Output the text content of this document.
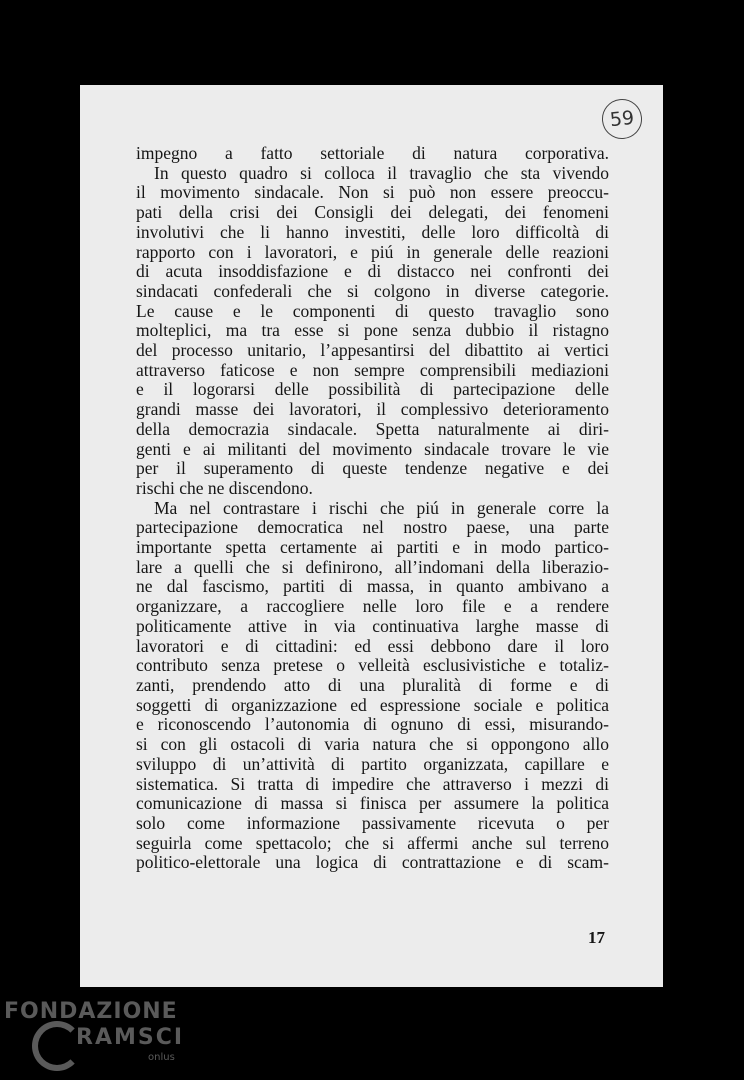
59
impegno a fatto settoriale di natura corporativa.
In questo quadro si colloca il travaglio che sta vivendo
il movimento sindacale. Non si può non essere preoccu-
pati della crisi dei Consigli dei delegati, dei fenomeni
involutivi che li hanno investiti, delle loro difficoltà di
rapporto con i lavoratori, e piú in generale delle reazioni
di acuta insoddisfazione e di distacco nei confronti dei
sindacati confederali che si colgono in diverse categorie.
Le cause e le componenti di questo travaglio sono
molteplici, ma tra esse si pone senza dubbio il ristagno
del processo unitario, l’appesantirsi del dibattito ai vertici
attraverso faticose e non sempre comprensibili mediazioni
e il logorarsi delle possibilità di partecipazione delle
grandi masse dei lavoratori, il complessivo deterioramento
della democrazia sindacale. Spetta naturalmente ai diri-
genti e ai militanti del movimento sindacale trovare le vie
per il superamento di queste tendenze negative e dei
rischi che ne discendono.
Ma nel contrastare i rischi che piú in generale corre la
partecipazione democratica nel nostro paese, una parte
importante spetta certamente ai partiti e in modo partico-
lare a quelli che si definirono, all’indomani della liberazio-
ne dal fascismo, partiti di massa, in quanto ambivano a
organizzare, a raccogliere nelle loro file e a rendere
politicamente attive in via continuativa larghe masse di
lavoratori e di cittadini: ed essi debbono dare il loro
contributo senza pretese o velleità esclusivistiche e totaliz-
zanti, prendendo atto di una pluralità di forme e di
soggetti di organizzazione ed espressione sociale e politica
e riconoscendo l’autonomia di ognuno di essi, misurando-
si con gli ostacoli di varia natura che si oppongono allo
sviluppo di un’attività di partito organizzata, capillare e
sistematica. Si tratta di impedire che attraverso i mezzi di
comunicazione di massa si finisca per assumere la politica
solo come informazione passivamente ricevuta o per
seguirla come spettacolo; che si affermi anche sul terreno
politico-elettorale una logica di contrattazione e di scam-
17
FONDAZIONE
RAMSCI
onlus
